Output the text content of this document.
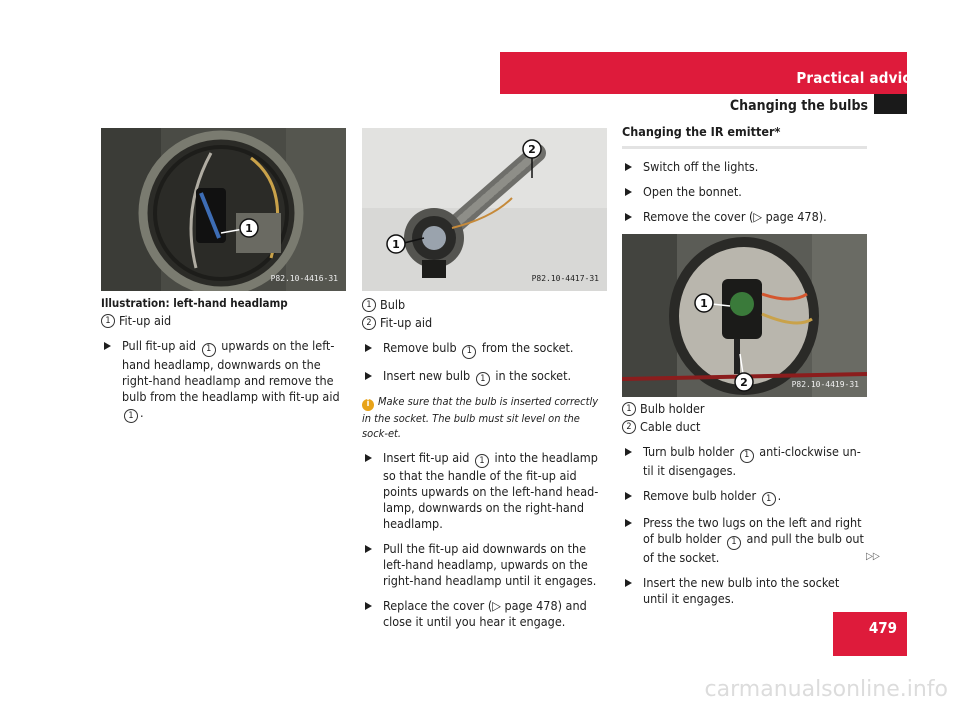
Practical advice
Changing the bulbs
479
1
P82.10-4416-31
Illustration: left-hand headlamp
1 Fit-up aid
Pull fit-up aid 1 upwards on the left-hand headlamp, downwards on the right-hand headlamp and remove the bulb from the headlamp with fit-up aid 1 .
1
2
P82.10-4417-31
1 Bulb
2 Fit-up aid
Remove bulb 1 from the socket.
Insert new bulb 1 in the socket.
i Make sure that the bulb is inserted correctly in the socket. The bulb must sit level on the sock-et.
Insert fit-up aid 1 into the headlamp so that the handle of the fit-up aid points upwards on the left-hand head-lamp, downwards on the right-hand headlamp.
Pull the fit-up aid downwards on the left-hand headlamp, upwards on the right-hand headlamp until it engages.
Replace the cover (▷ page 478) and close it until you hear it engage.
Changing the IR emitter*
Switch off the lights.
Open the bonnet.
Remove the cover (▷ page 478).
1
2	P82.10-4419-31
1 Bulb holder
2 Cable duct
Turn bulb holder 1 anti-clockwise un-til it disengages.
Remove bulb holder 1 .
Press the two lugs on the left and right of bulb holder 1 and pull the bulb out of the socket.
Insert the new bulb into the socket until it engages.
▷▷
carmanualsonline.info
